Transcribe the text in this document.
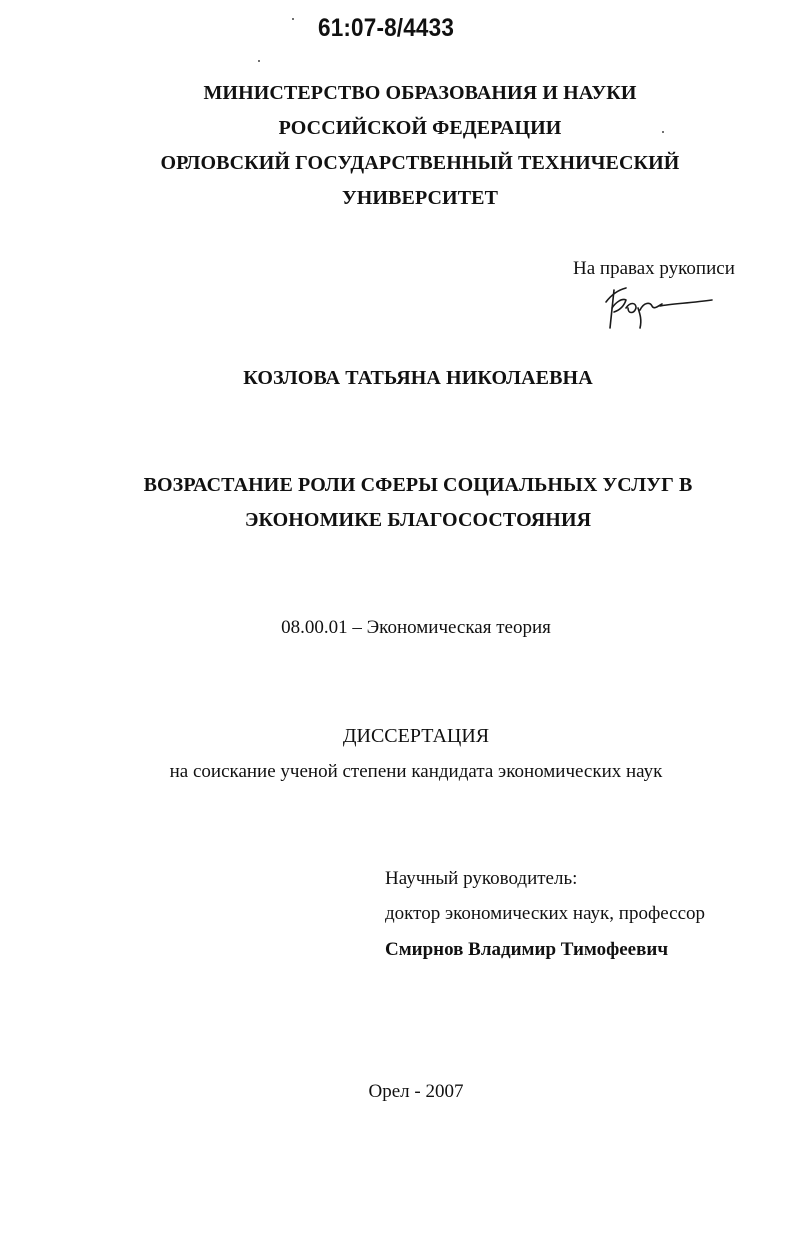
61:07-8/4433
МИНИСТЕРСТВО ОБРАЗОВАНИЯ И НАУКИ
РОССИЙСКОЙ ФЕДЕРАЦИИ
ОРЛОВСКИЙ ГОСУДАРСТВЕННЫЙ ТЕХНИЧЕСКИЙ
УНИВЕРСИТЕТ
На правах рукописи
КОЗЛОВА ТАТЬЯНА НИКОЛАЕВНА
ВОЗРАСТАНИЕ РОЛИ СФЕРЫ СОЦИАЛЬНЫХ УСЛУГ В
ЭКОНОМИКЕ БЛАГОСОСТОЯНИЯ
08.00.01 – Экономическая теория
ДИССЕРТАЦИЯ
на соискание ученой степени кандидата экономических наук
Научный руководитель:
доктор экономических наук, профессор
Смирнов Владимир Тимофеевич
Орел - 2007
